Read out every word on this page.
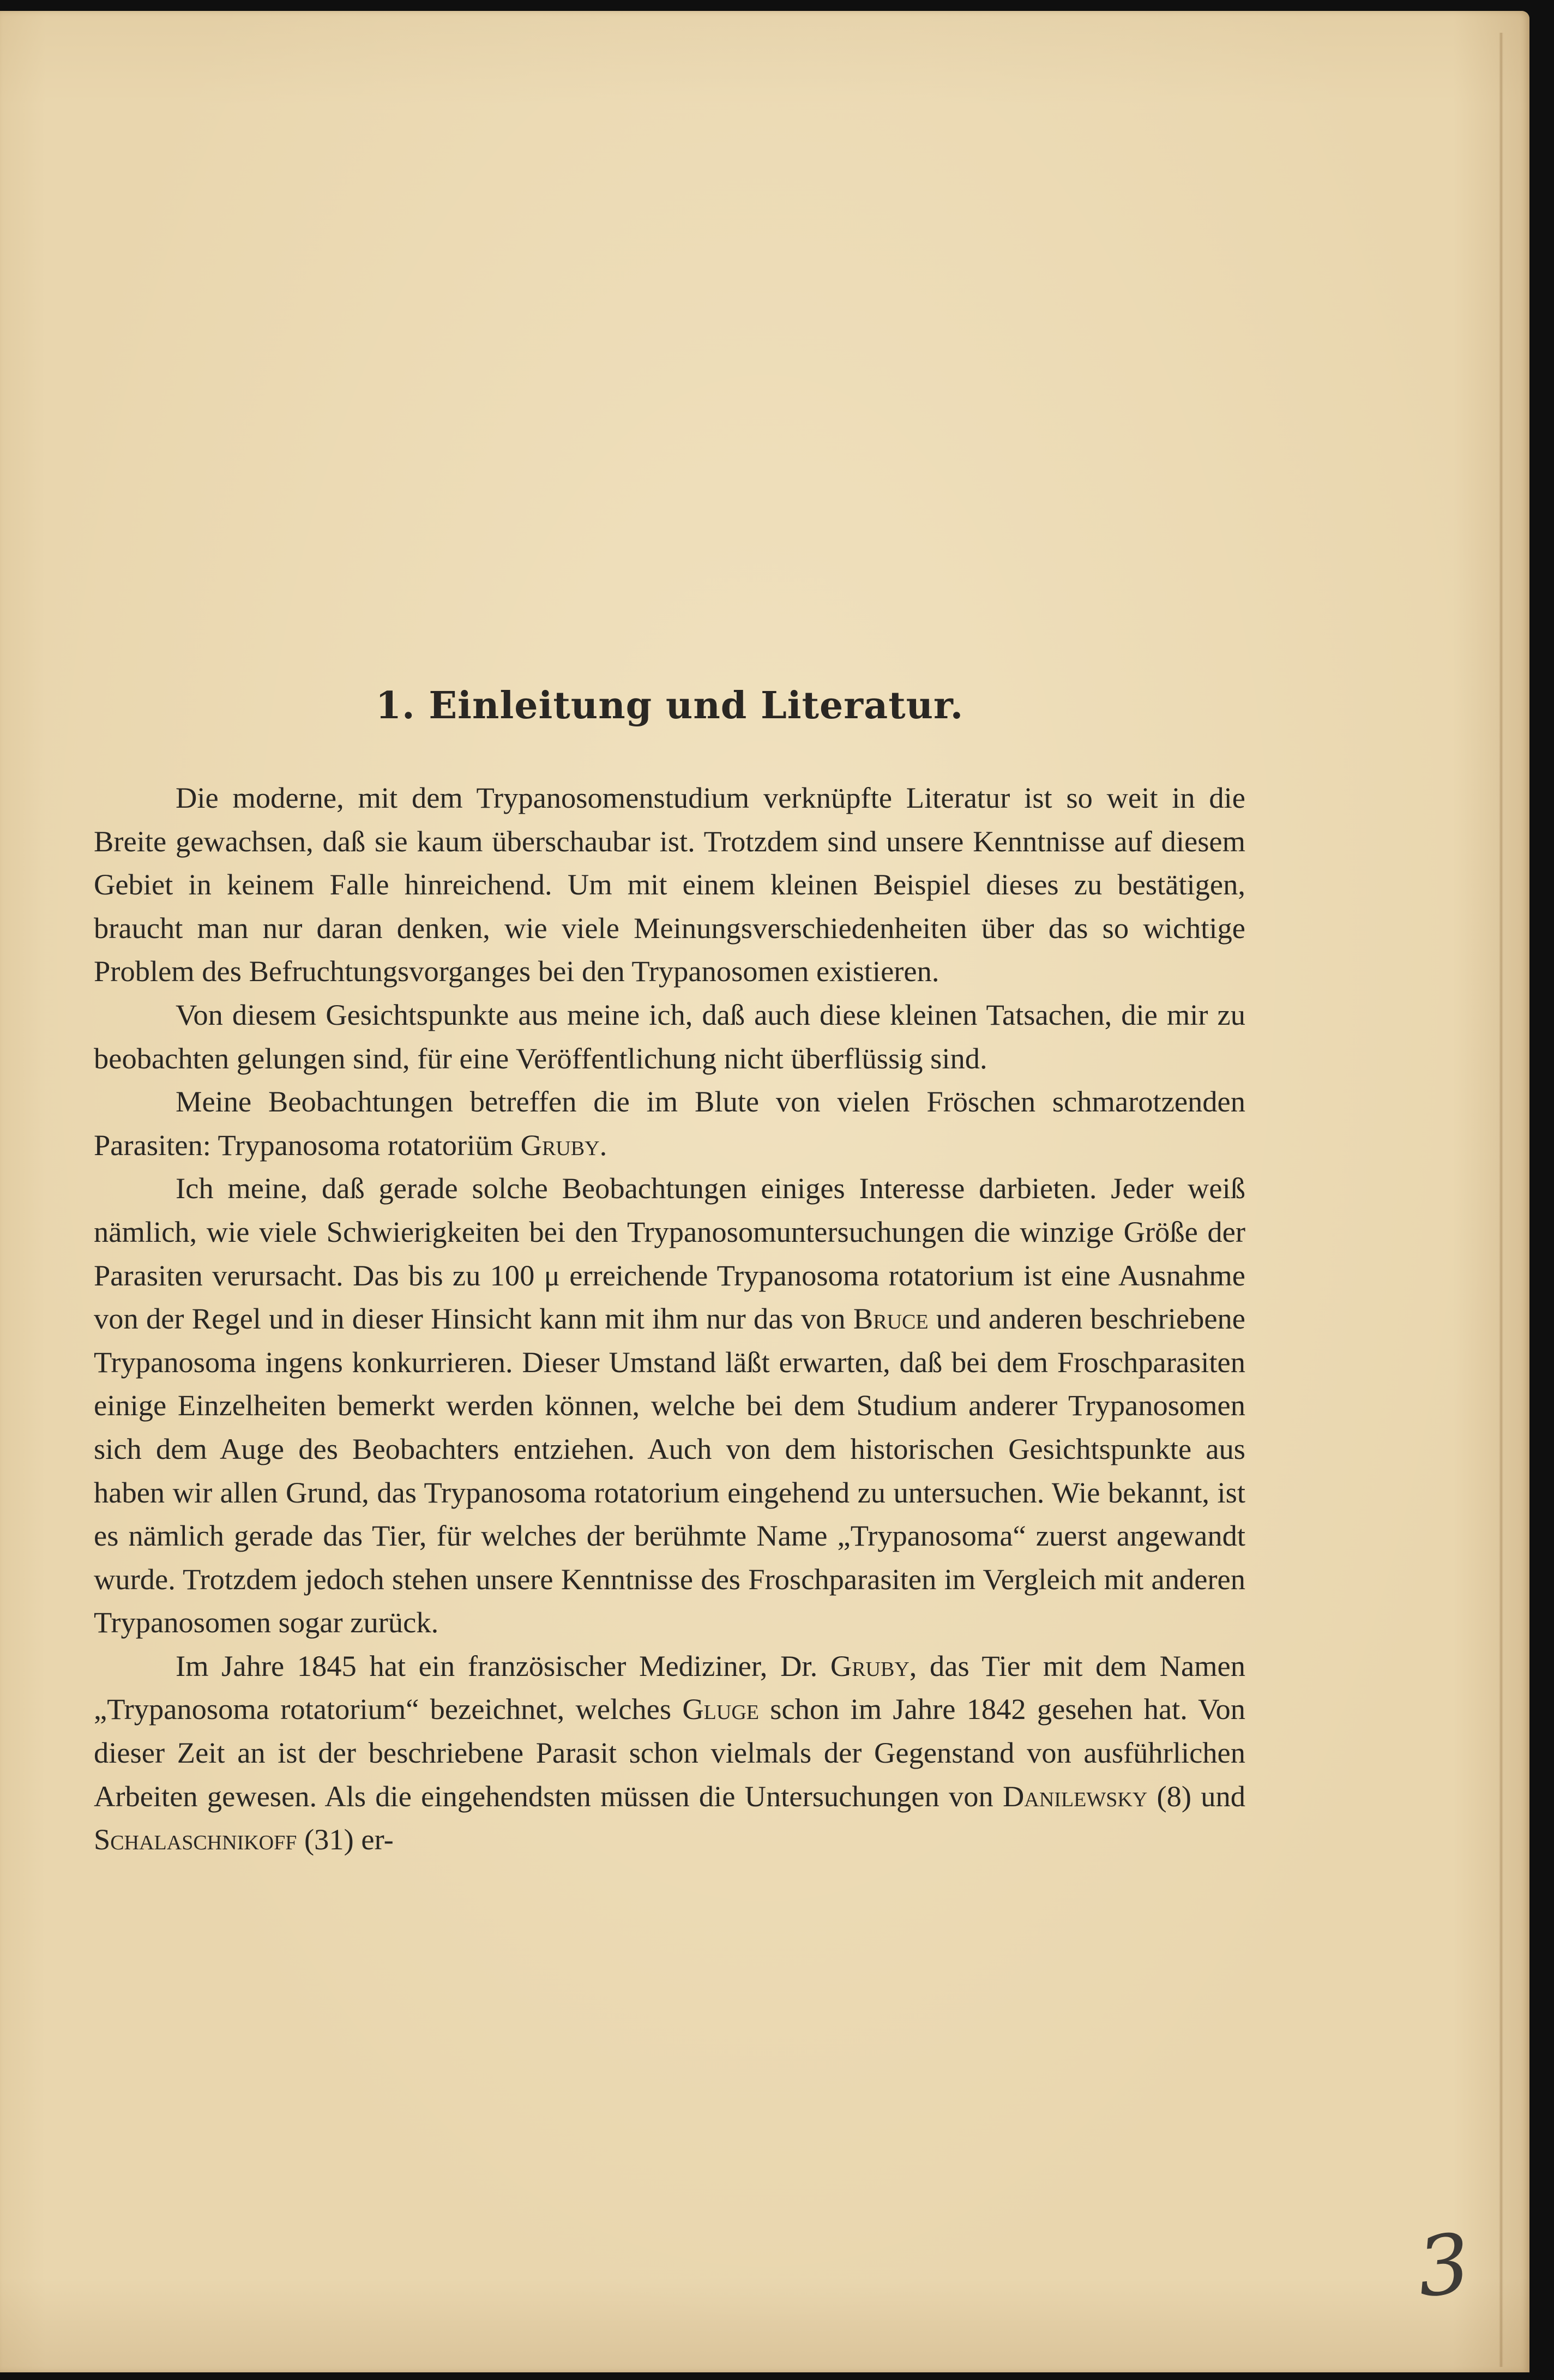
1. Einleitung und Literatur.

Die moderne, mit dem Trypanosomenstudium verknüpfte Literatur ist so weit in die Breite gewachsen, daß sie kaum überschaubar ist. Trotzdem sind unsere Kenntnisse auf diesem Gebiet in keinem Falle hinreichend. Um mit einem kleinen Beispiel dieses zu bestätigen, braucht man nur daran denken, wie viele Meinungsverschiedenheiten über das so wichtige Problem des Befruchtungsvorganges bei den Trypanosomen existieren.

Von diesem Gesichtspunkte aus meine ich, daß auch diese kleinen Tatsachen, die mir zu beobachten gelungen sind, für eine Veröffentlichung nicht überflüssig sind.

Meine Beobachtungen betreffen die im Blute von vielen Fröschen schmarotzenden Parasiten: Trypanosoma rotatoriüm Gruby.

Ich meine, daß gerade solche Beobachtungen einiges Interesse darbieten. Jeder weiß nämlich, wie viele Schwierigkeiten bei den Trypanosomuntersuchungen die winzige Größe der Parasiten verursacht. Das bis zu 100 μ erreichende Trypanosoma rotatorium ist eine Ausnahme von der Regel und in dieser Hinsicht kann mit ihm nur das von Bruce und anderen beschriebene Trypanosoma ingens konkurrieren. Dieser Umstand läßt erwarten, daß bei dem Froschparasiten einige Einzelheiten bemerkt werden können, welche bei dem Studium anderer Trypanosomen sich dem Auge des Beobachters entziehen. Auch von dem historischen Gesichtspunkte aus haben wir allen Grund, das Trypanosoma rotatorium eingehend zu untersuchen. Wie bekannt, ist es nämlich gerade das Tier, für welches der berühmte Name „Trypanosoma“ zuerst angewandt wurde. Trotzdem jedoch stehen unsere Kenntnisse des Froschparasiten im Vergleich mit anderen Trypanosomen sogar zurück.

Im Jahre 1845 hat ein französischer Mediziner, Dr. Gruby, das Tier mit dem Namen „Trypanosoma rotatorium“ bezeichnet, welches Gluge schon im Jahre 1842 gesehen hat. Von dieser Zeit an ist der beschriebene Parasit schon vielmals der Gegenstand von ausführlichen Arbeiten gewesen. Als die eingehendsten müssen die Untersuchungen von Danilewsky (8) und Schalaschnikoff (31) er-

3
